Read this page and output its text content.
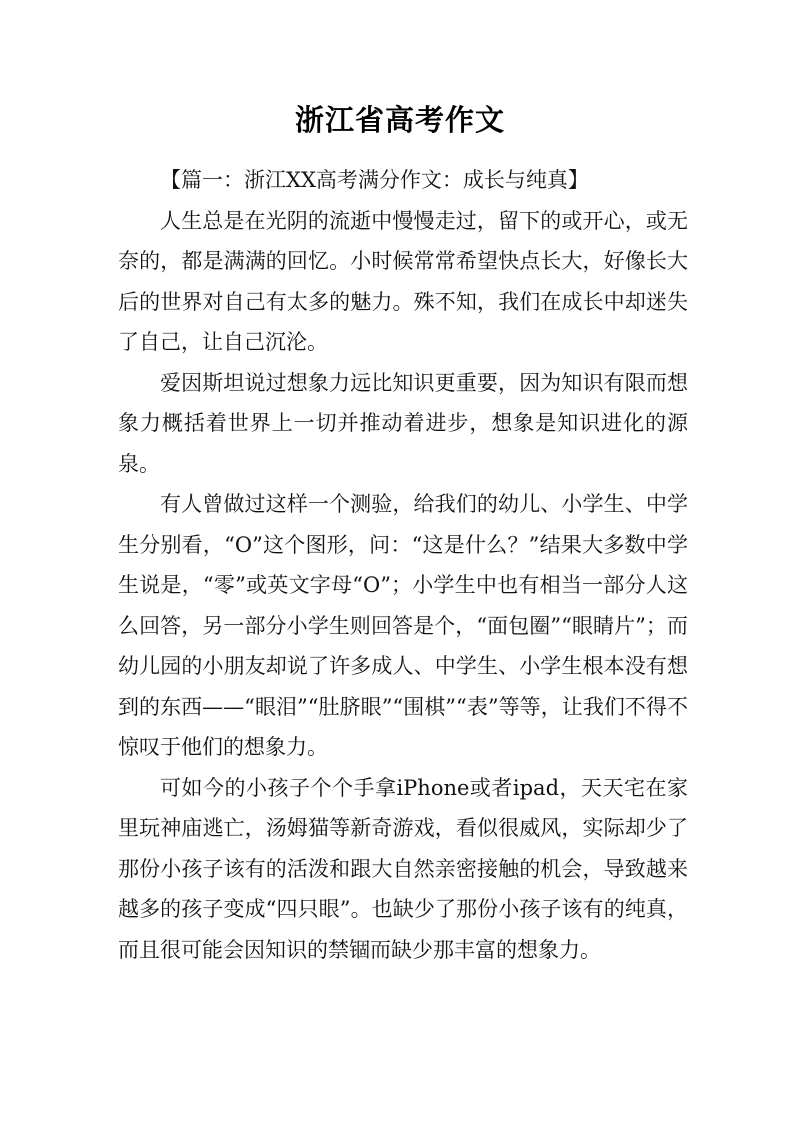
浙江省高考作文

【篇一：浙江XX高考满分作文：成长与纯真】

人生总是在光阴的流逝中慢慢走过，留下的或开心，或无奈的，都是满满的回忆。小时候常常希望快点长大，好像长大后的世界对自己有太多的魅力。殊不知，我们在成长中却迷失了自己，让自己沉沦。

爱因斯坦说过想象力远比知识更重要，因为知识有限而想象力概括着世界上一切并推动着进步，想象是知识进化的源泉。

有人曾做过这样一个测验，给我们的幼儿、小学生、中学生分别看，“O”这个图形，问：“这是什么？”结果大多数中学生说是，“零”或英文字母“O”；小学生中也有相当一部分人这么回答，另一部分小学生则回答是个，“面包圈”“眼睛片”；而幼儿园的小朋友却说了许多成人、中学生、小学生根本没有想到的东西——“眼泪”“肚脐眼”“围棋”“表”等等，让我们不得不惊叹于他们的想象力。

可如今的小孩子个个手拿iPhone或者ipad，天天宅在家里玩神庙逃亡，汤姆猫等新奇游戏，看似很威风，实际却少了那份小孩子该有的活泼和跟大自然亲密接触的机会，导致越来越多的孩子变成“四只眼”。也缺少了那份小孩子该有的纯真，而且很可能会因知识的禁锢而缺少那丰富的想象力。
